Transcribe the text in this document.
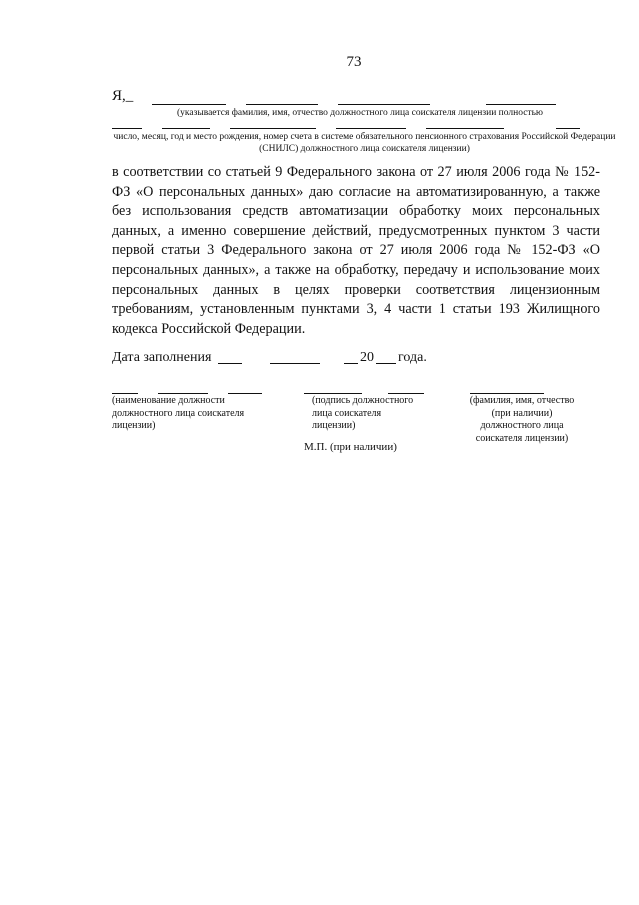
73
Я,_
(указывается фамилия, имя, отчество должностного лица соискателя лицензии полностью
число, месяц, год и место рождения, номер счета в системе обязательного пенсионного страхования Российской Федерации (СНИЛС) должностного лица соискателя лицензии)
в соответствии со статьей 9 Федерального закона от 27 июля 2006 года № 152-ФЗ «О персональных данных» даю согласие на автоматизированную, а также без использования средств автоматизации обработку моих персональных данных, а именно совершение действий, предусмотренных пунктом 3 части первой статьи 3 Федерального закона от 27 июля 2006 года № 152-ФЗ «О персональных данных», а также на обработку, передачу и использование моих персональных данных в целях проверки соответствия лицензионным требованиям, установленным пунктами 3, 4 части 1 статьи 193 Жилищного кодекса Российской Федерации.
Дата заполнения	20 года.
(наименование должности должностного лица соискателя лицензии)
(подпись должностного лица соискателя лицензии)
(фамилия, имя, отчество (при наличии) должностного лица соискателя лицензии)
М.П. (при наличии)
